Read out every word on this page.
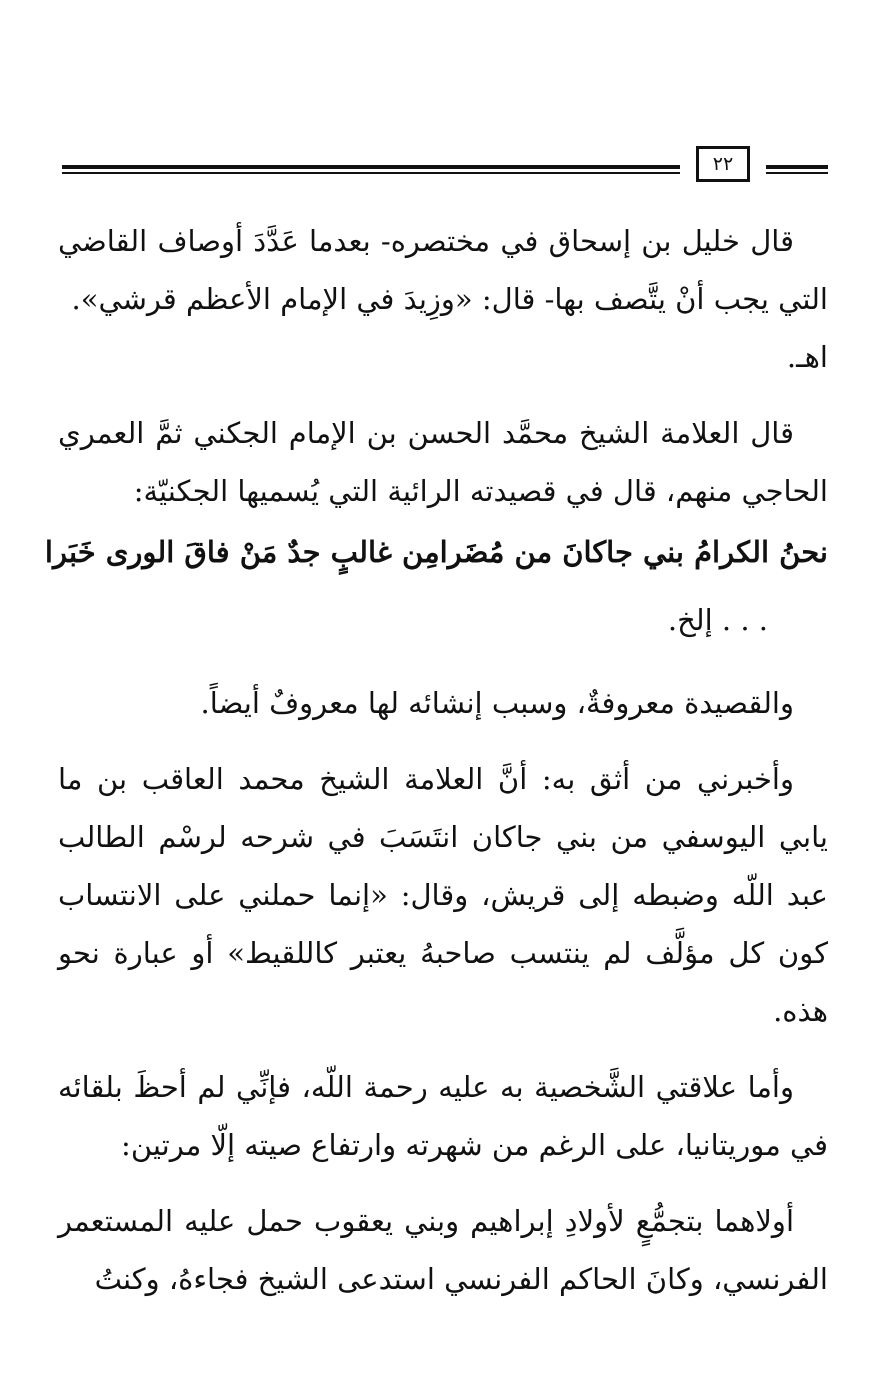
٢٢

قال خليل بن إسحاق في مختصره- بعدما عَدَّدَ أوصاف القاضي التي يجب أنْ يتَّصف بها- قال: «وزِيدَ في الإمام الأعظم قرشي».

اهـ.

قال العلامة الشيخ محمَّد الحسن بن الإمام الجكني ثمَّ العمري الحاجي منهم، قال في قصيدته الرائية التي يُسميها الجكنيّة:

نحنُ الكرامُ بني جاكانَ من مُضَرا
مِن غالبٍ جدٌ مَنْ فاقَ الورى خَبَرا

. . . إلخ.

والقصيدة معروفةٌ، وسبب إنشائه لها معروفٌ أيضاً.

وأخبرني من أثق به: أنَّ العلامة الشيخ محمد العاقب بن ما يابي اليوسفي من بني جاكان انتَسَبَ في شرحه لرسْم الطالب عبد اللّه وضبطه إلى قريش، وقال: «إنما حملني على الانتساب كون كل مؤلَّف لم ينتسب صاحبهُ يعتبر كاللقيط» أو عبارة نحو هذه.

وأما علاقتي الشَّخصية به عليه رحمة اللّه، فإنِّي لم أحظَ بلقائه في موريتانيا، على الرغم من شهرته وارتفاع صيته إلّا مرتين:

أولاهما بتجمُّعٍ لأولادِ إبراهيم وبني يعقوب حمل عليه المستعمر الفرنسي، وكانَ الحاكم الفرنسي استدعى الشيخ فجاءهُ، وكنتُ
